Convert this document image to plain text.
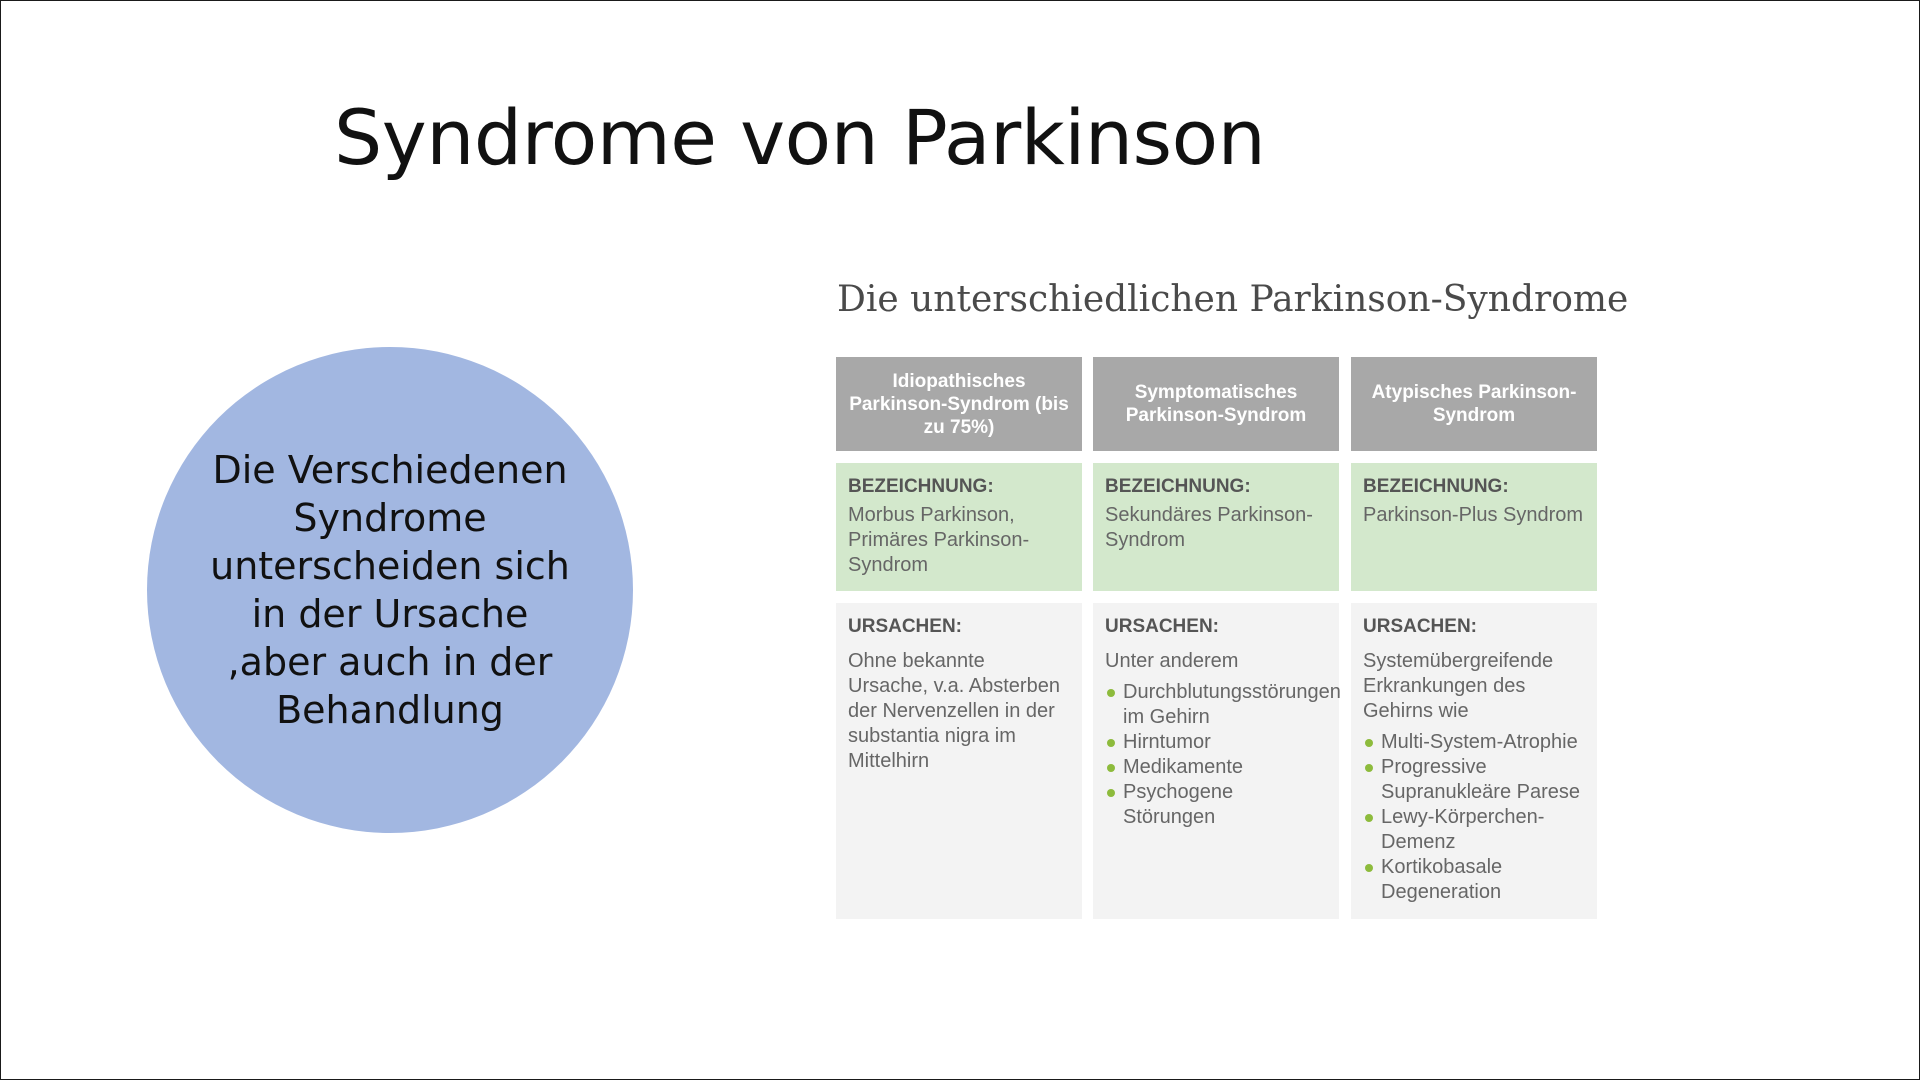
Syndrome von Parkinson
Die Verschiedenen Syndrome unterscheiden sich in der Ursache ,aber auch in der Behandlung
Die unterschiedlichen Parkinson-Syndrome
Idiopathisches Parkinson-Syndrom (bis zu 75%)
BEZEICHNUNG:
Morbus Parkinson, Primäres Parkinson-Syndrom
URSACHEN:
Ohne bekannte Ursache, v.a. Absterben der Nervenzellen in der substantia nigra im Mittelhirn
Symptomatisches Parkinson-Syndrom
BEZEICHNUNG:
Sekundäres Parkinson-Syndrom
URSACHEN:
Unter anderem
Durchblutungsstörungen im Gehirn
Hirntumor
Medikamente
Psychogene Störungen
Atypisches Parkinson-Syndrom
BEZEICHNUNG:
Parkinson-Plus Syndrom
URSACHEN:
Systemübergreifende Erkrankungen des Gehirns wie
Multi-System-Atrophie
Progressive Supranukleäre Parese
Lewy-Körperchen-Demenz
Kortikobasale Degeneration
